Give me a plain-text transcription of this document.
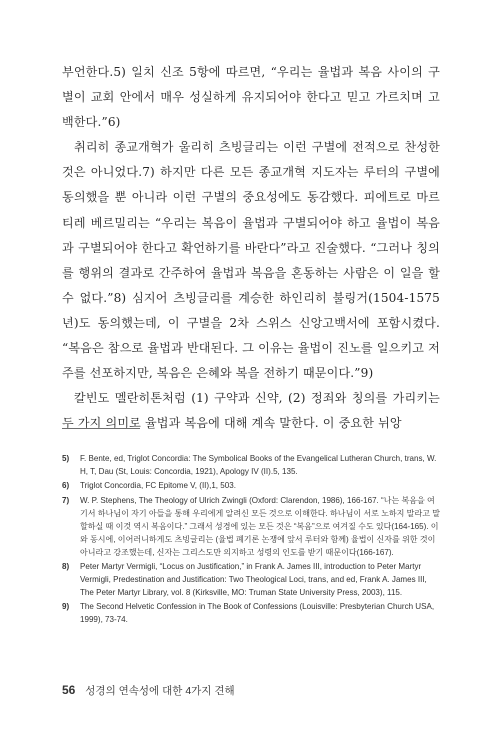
부언한다.5) 일치 신조 5항에 따르면, “우리는 율법과 복음 사이의 구별이 교회 안에서 매우 성실하게 유지되어야 한다고 믿고 가르치며 고백한다.”6)

취리히 종교개혁가 울리히 츠빙글리는 이런 구별에 전적으로 찬성한 것은 아니었다.7) 하지만 다른 모든 종교개혁 지도자는 루터의 구별에 동의했을 뿐 아니라 이런 구별의 중요성에도 동감했다. 피에트로 마르티레 베르밀리는 “우리는 복음이 율법과 구별되어야 하고 율법이 복음과 구별되어야 한다고 확언하기를 바란다”라고 진술했다. “그러나 칭의를 행위의 결과로 간주하여 율법과 복음을 혼동하는 사람은 이 일을 할 수 없다.”8) 심지어 츠빙글리를 계승한 하인리히 불링거(1504-1575년)도 동의했는데, 이 구별을 2차 스위스 신앙고백서에 포함시켰다. “복음은 참으로 율법과 반대된다. 그 이유는 율법이 진노를 일으키고 저주를 선포하지만, 복음은 은혜와 복을 전하기 때문이다.”9)

칼빈도 멜란히톤처럼 (1) 구약과 신약, (2) 정죄와 칭의를 가리키는 두 가지 의미로 율법과 복음에 대해 계속 말한다. 이 중요한 뉘앙

5) F. Bente, ed, Triglot Concordia: The Symbolical Books of the Evangelical Lutheran Church, trans, W. H, T, Dau (St, Louis: Concordia, 1921), Apology IV (II).5, 135.
6) Triglot Concordia, FC Epitome V, (II),1, 503.
7) W. P. Stephens, The Theology of Ulrich Zwingli (Oxford: Clarendon, 1986), 166-167. “나는 복음을 여기서 하나님이 자기 아들을 통해 우리에게 알려신 모든 것으로 이해한다. 하나님이 서로 노하지 말라고 말할하실 때 이것 역시 복음이다.” 그래서 성경에 있는 모든 것은 “복음”으로 여겨질 수도 있다(164-165). 이와 동시에, 이어러니하게도 츠빙글리는 (율법 폐기론 논쟁에 앞서 루터와 함께) 율법이 신자를 위한 것이 아니라고 강조했는데, 신자는 그리스도만 의지하고 성령의 인도를 받기 때문이다(166-167).
8) Peter Martyr Vermigli, “Locus on Justification,” in Frank A. James III, introduction to Peter Martyr Vermigli, Predestination and Justification: Two Theological Loci, trans, and ed, Frank A. James III, The Peter Martyr Library, vol. 8 (Kirksville, MO: Truman State University Press, 2003), 115.
9) The Second Helvetic Confession in The Book of Confessions (Louisville: Presbyterian Church USA, 1999), 73-74.
56 성경의 연속성에 대한 4가지 견해
